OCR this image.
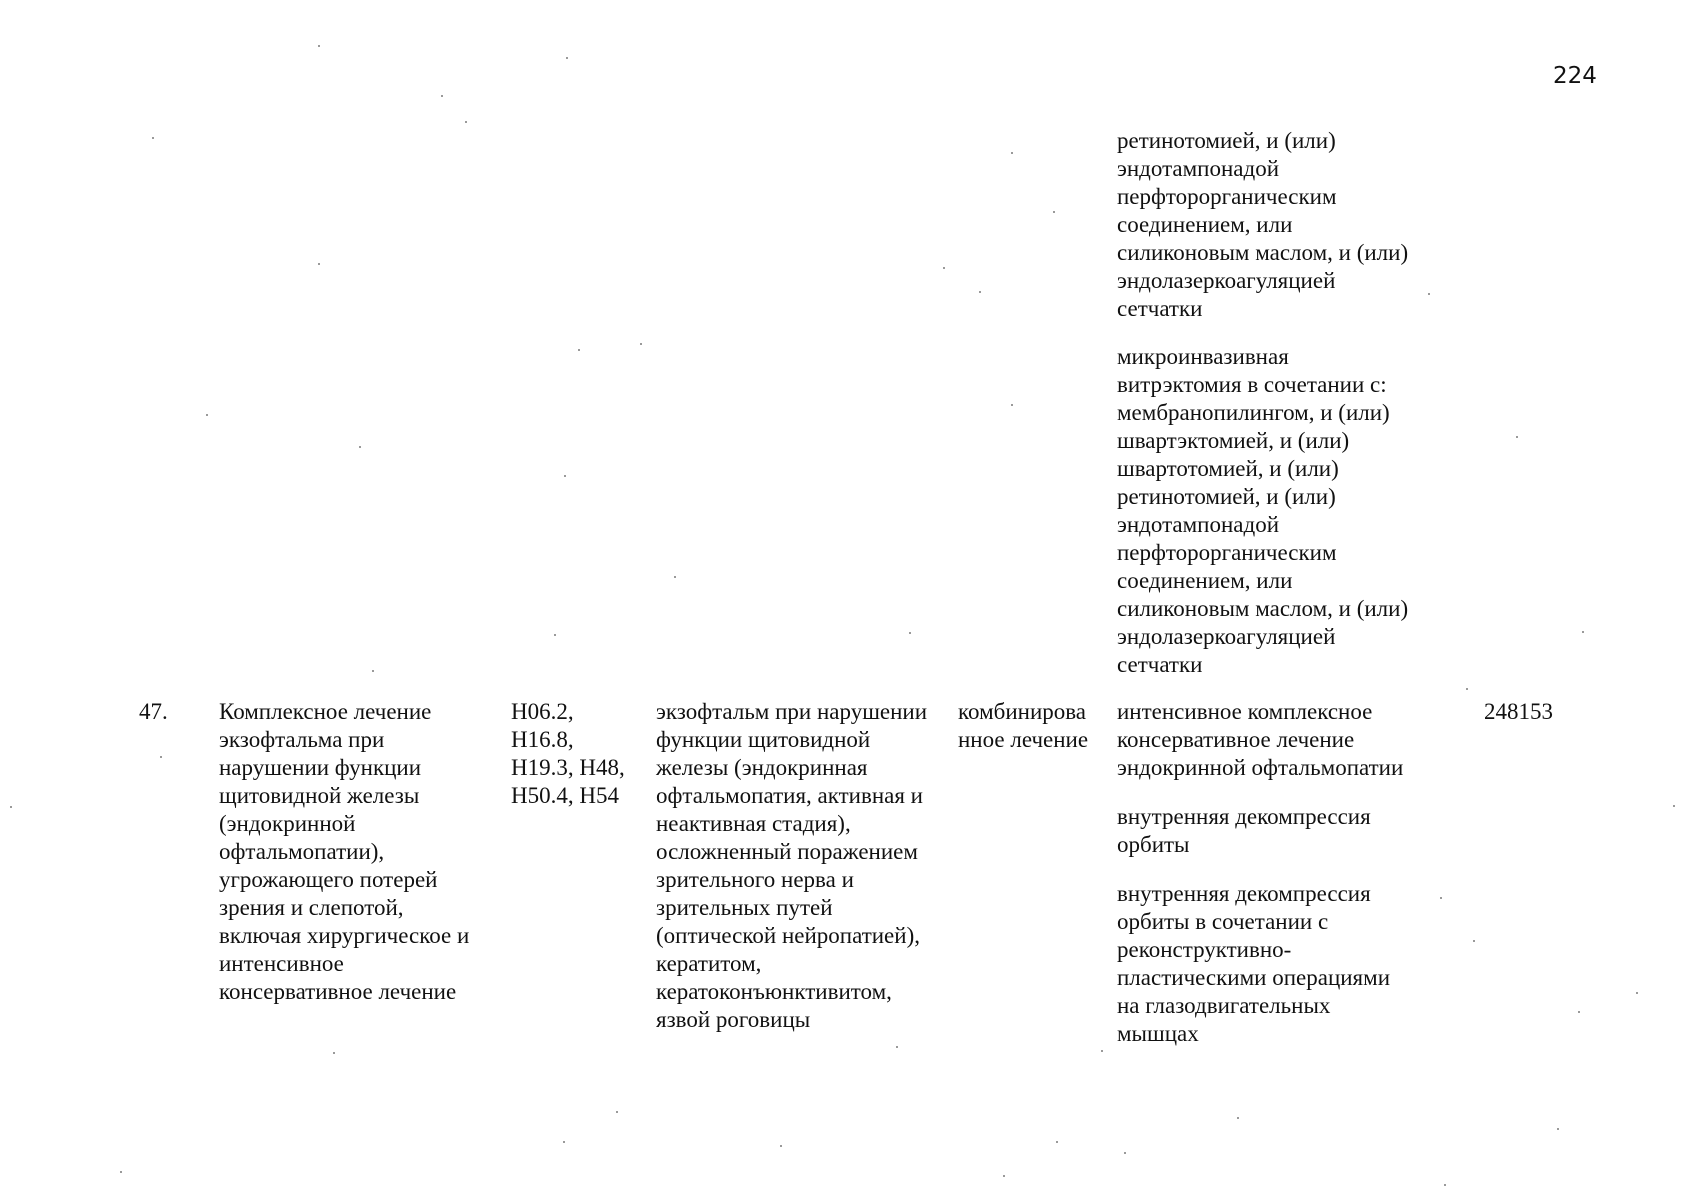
224

ретинотомией, и (или)
эндотампонадой
перфторорганическим
соединением, или
силиконовым маслом, и (или)
эндолазеркоагуляцией
сетчатки

микроинвазивная
витрэктомия в сочетании с:
мембранопилингом, и (или)
швартэктомией, и (или)
швартотомией, и (или)
ретинотомией, и (или)
эндотампонадой
перфторорганическим
соединением, или
силиконовым маслом, и (или)
эндолазеркоагуляцией
сетчатки

47. Комплексное лечение
экзофтальма при
нарушении функции
щитовидной железы
(эндокринной
офтальмопатии),
угрожающего потерей
зрения и слепотой,
включая хирургическое и
интенсивное
консервативное лечение

H06.2,
H16.8,
H19.3, H48,
H50.4, H54

экзофтальм при нарушении
функции щитовидной
железы (эндокринная
офтальмопатия, активная и
неактивная стадия),
осложненный поражением
зрительного нерва и
зрительных путей
(оптической нейропатией),
кератитом,
кератоконъюнктивитом,
язвой роговицы

комбинирова
нное лечение

интенсивное комплексное
консервативное лечение
эндокринной офтальмопатии

внутренняя декомпрессия
орбиты

внутренняя декомпрессия
орбиты в сочетании с
реконструктивно-
пластическими операциями
на глазодвигательных
мышцах

248153
